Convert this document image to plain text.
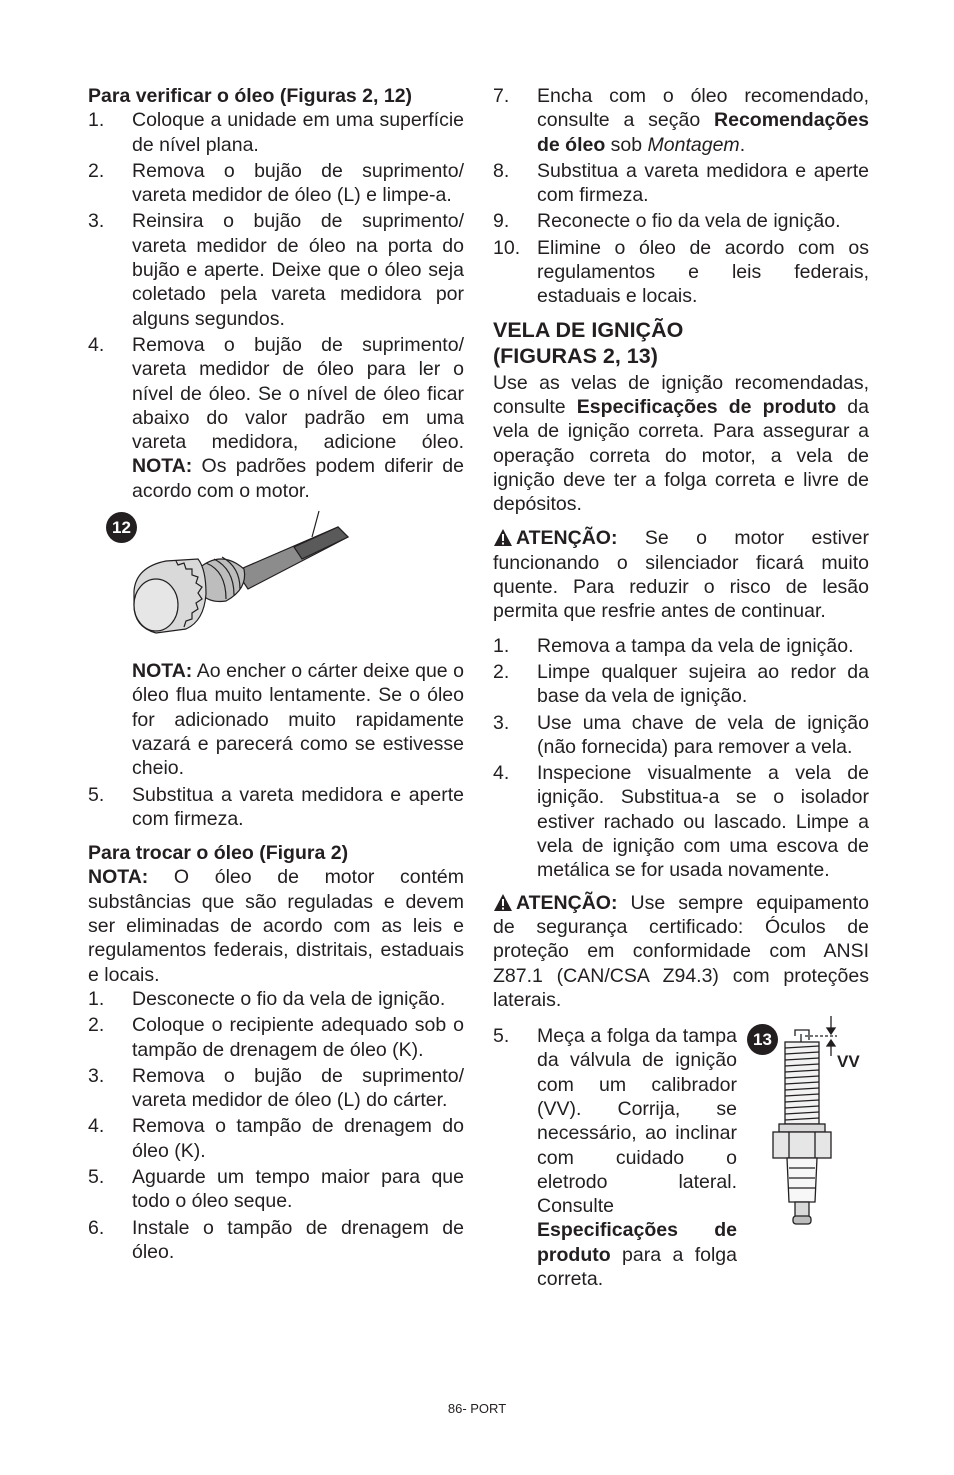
Para verificar o óleo (Figuras 2, 12)
1. Coloque a unidade em uma superfície de nível plana.
2. Remova o bujão de suprimento/ vareta medidor de óleo (L) e limpe-a.
3. Reinsira o bujão de suprimento/ vareta medidor de óleo na porta do bujão e aperte. Deixe que o óleo seja coletado pela vareta medidora por alguns segundos.
4. Remova o bujão de suprimento/ vareta medidor de óleo para ler o nível de óleo. Se o nível de óleo ficar abaixo do valor padrão em uma vareta medidora, adicione óleo. NOTA: Os padrões podem diferir de acordo com o motor.
12

NOTA: Ao encher o cárter deixe que o óleo flua muito lentamente. Se o óleo for adicionado muito rapidamente vazará e parecerá como se estivesse cheio.

5. Substitua a vareta medidora e aperte com firmeza.
Para trocar o óleo (Figura 2)

NOTA: O óleo de motor contém substâncias que são reguladas e devem ser eliminadas de acordo com as leis e regulamentos federais, distritais, estaduais e locais.

1. Desconecte o fio da vela de ignição.
2. Coloque o recipiente adequado sob o tampão de drenagem de óleo (K).
3. Remova o bujão de suprimento/ vareta medidor de óleo (L) do cárter.
4. Remova o tampão de drenagem do óleo (K).
5. Aguarde um tempo maior para que todo o óleo seque.
6. Instale o tampão de drenagem de óleo.
7. Encha com o óleo recomendado, consulte a seção Recomendações de óleo sob Montagem.
8. Substitua a vareta medidora e aperte com firmeza.
9. Reconecte o fio da vela de ignição.
10. Elimine o óleo de acordo com os regulamentos e leis federais, estaduais e locais.
VELA DE IGNIÇÃO
(FIGURAS 2, 13)

Use as velas de ignição recomendadas, consulte Especificações de produto da vela de ignição correta. Para assegurar a operação correta do motor, a vela de ignição deve ter a folga correta e livre de depósitos.

ATENÇÃO: Se o motor estiver funcionando o silenciador ficará muito quente. Para reduzir o risco de lesão permita que resfrie antes de continuar.

1. Remova a tampa da vela de ignição.
2. Limpe qualquer sujeira ao redor da base da vela de ignição.
3. Use uma chave de vela de ignição (não fornecida) para remover a vela.
4. Inspecione visualmente a vela de ignição. Substitua-a se o isolador estiver rachado ou lascado. Limpe a vela de ignição com uma escova de metálica se for usada novamente.

ATENÇÃO: Use sempre equipamento de segurança certificado: Óculos de proteção em conformidade com ANSI Z87.1 (CAN/CSA Z94.3) com proteções laterais.

5. Meça a folga da tampa da válvula de ignição com um calibrador (VV). Corrija, se necessário, ao inclinar com cuidado o eletrodo lateral. Consulte Especificações de produto para a folga correta.

13
VV
86- PORT
